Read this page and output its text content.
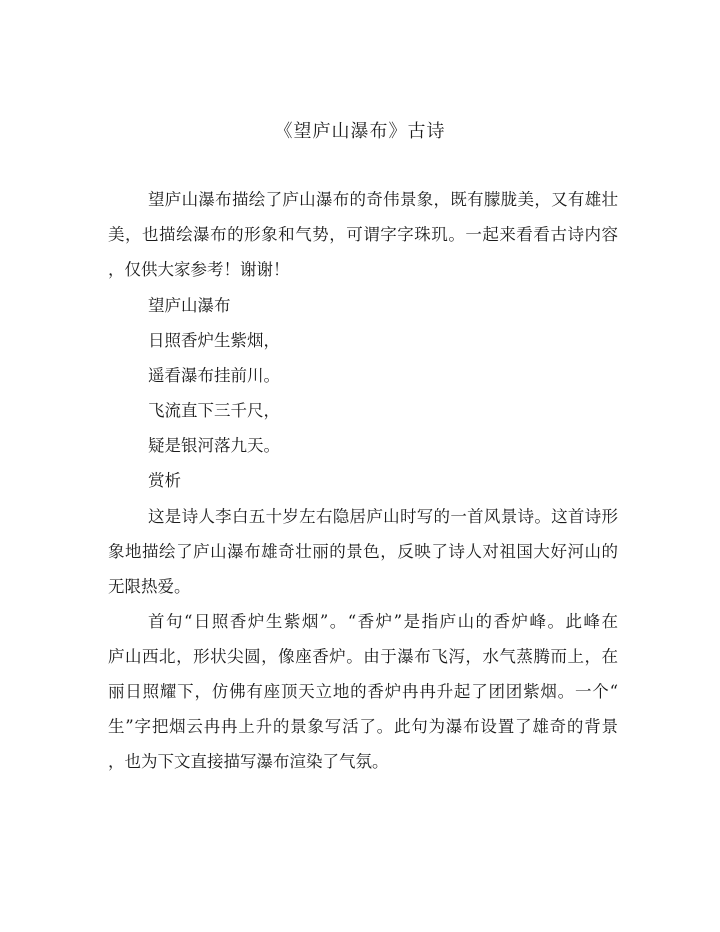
《望庐山瀑布》古诗
望庐山瀑布描绘了庐山瀑布的奇伟景象，既有朦胧美，又有雄壮
美，也描绘瀑布的形象和气势，可谓字字珠玑。一起来看看古诗内容
，仅供大家参考！谢谢！
望庐山瀑布
日照香炉生紫烟，
遥看瀑布挂前川。
飞流直下三千尺，
疑是银河落九天。
赏析
这是诗人李白五十岁左右隐居庐山时写的一首风景诗。这首诗形
象地描绘了庐山瀑布雄奇壮丽的景色，反映了诗人对祖国大好河山的
无限热爱。
首句“日照香炉生紫烟”。“香炉”是指庐山的香炉峰。此峰在
庐山西北，形状尖圆，像座香炉。由于瀑布飞泻，水气蒸腾而上，在
丽日照耀下，仿佛有座顶天立地的香炉冉冉升起了团团紫烟。一个“
生”字把烟云冉冉上升的景象写活了。此句为瀑布设置了雄奇的背景
，也为下文直接描写瀑布渲染了气氛。
